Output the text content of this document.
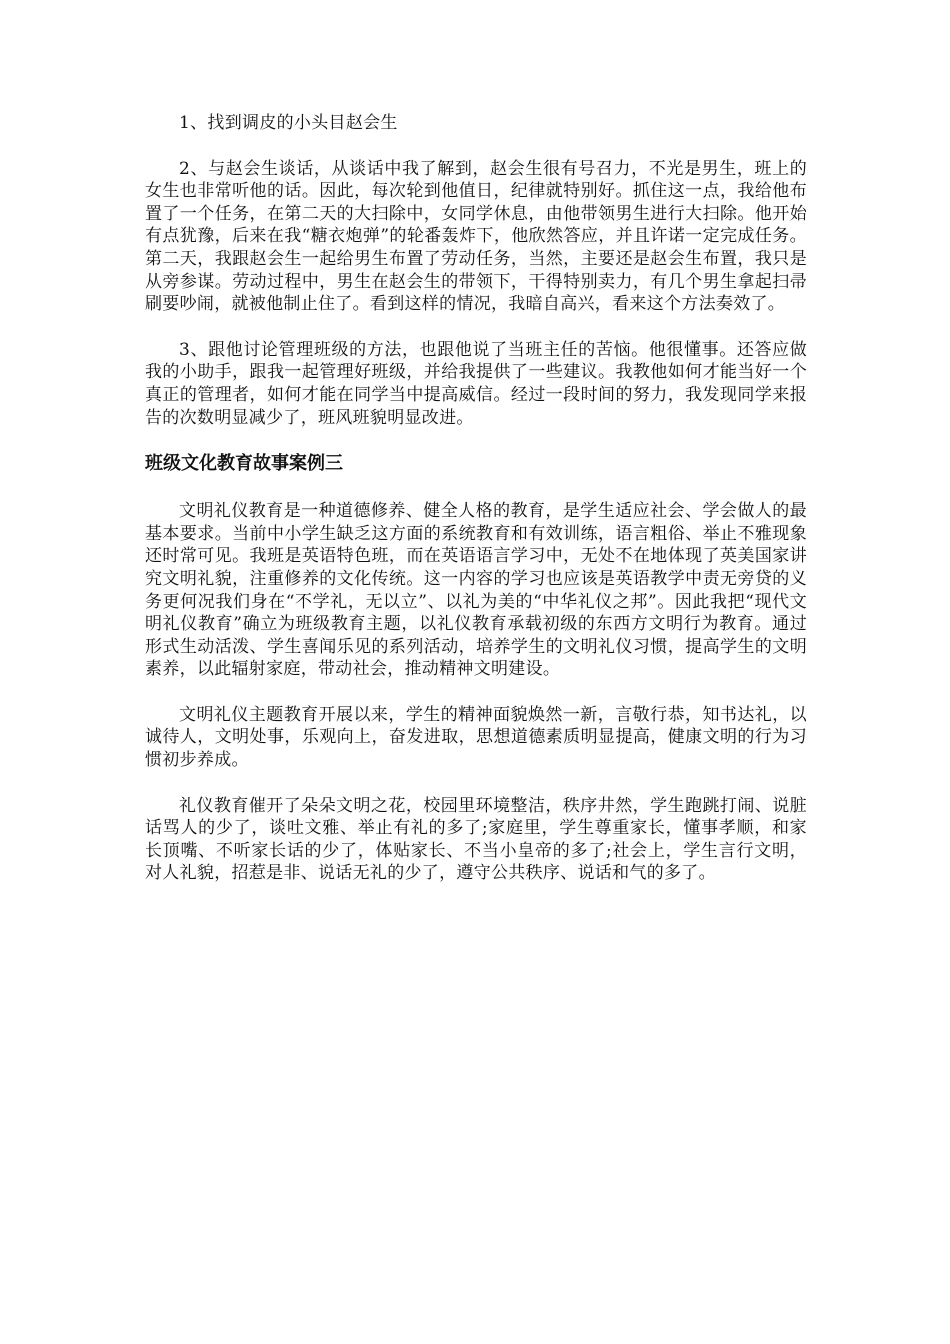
1、找到调皮的小头目赵会生

2、与赵会生谈话，从谈话中我了解到，赵会生很有号召力，不光是男生，班上的女生也非常听他的话。因此，每次轮到他值日，纪律就特别好。抓住这一点，我给他布置了一个任务，在第二天的大扫除中，女同学休息，由他带领男生进行大扫除。他开始有点犹豫，后来在我“糖衣炮弹”的轮番轰炸下，他欣然答应，并且许诺一定完成任务。第二天，我跟赵会生一起给男生布置了劳动任务，当然，主要还是赵会生布置，我只是从旁参谋。劳动过程中，男生在赵会生的带领下，干得特别卖力，有几个男生拿起扫帚刷要吵闹，就被他制止住了。看到这样的情况，我暗自高兴，看来这个方法奏效了。

3、跟他讨论管理班级的方法，也跟他说了当班主任的苦恼。他很懂事。还答应做我的小助手，跟我一起管理好班级，并给我提供了一些建议。我教他如何才能当好一个真正的管理者，如何才能在同学当中提高威信。经过一段时间的努力，我发现同学来报告的次数明显减少了，班风班貌明显改进。

班级文化教育故事案例三

文明礼仪教育是一种道德修养、健全人格的教育，是学生适应社会、学会做人的最基本要求。当前中小学生缺乏这方面的系统教育和有效训练，语言粗俗、举止不雅现象还时常可见。我班是英语特色班，而在英语语言学习中，无处不在地体现了英美国家讲究文明礼貌，注重修养的文化传统。这一内容的学习也应该是英语教学中责无旁贷的义务更何况我们身在“不学礼，无以立”、以礼为美的“中华礼仪之邦”。因此我把“现代文明礼仪教育”确立为班级教育主题，以礼仪教育承载初级的东西方文明行为教育。通过形式生动活泼、学生喜闻乐见的系列活动，培养学生的文明礼仪习惯，提高学生的文明素养，以此辐射家庭，带动社会，推动精神文明建设。

文明礼仪主题教育开展以来，学生的精神面貌焕然一新，言敬行恭，知书达礼，以诚待人，文明处事，乐观向上，奋发进取，思想道德素质明显提高，健康文明的行为习惯初步养成。

礼仪教育催开了朵朵文明之花，校园里环境整洁，秩序井然，学生跑跳打闹、说脏话骂人的少了，谈吐文雅、举止有礼的多了;家庭里，学生尊重家长，懂事孝顺，和家长顶嘴、不听家长话的少了，体贴家长、不当小皇帝的多了;社会上，学生言行文明，对人礼貌，招惹是非、说话无礼的少了，遵守公共秩序、说话和气的多了。
